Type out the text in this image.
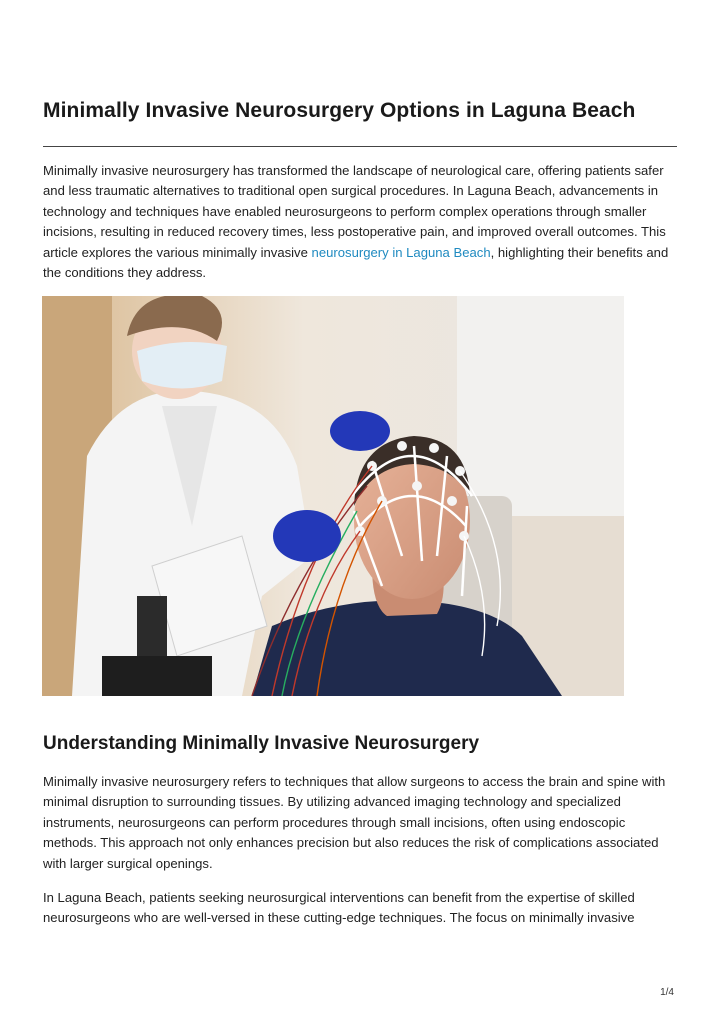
Minimally Invasive Neurosurgery Options in Laguna Beach

Minimally invasive neurosurgery has transformed the landscape of neurological care, offering patients safer and less traumatic alternatives to traditional open surgical procedures. In Laguna Beach, advancements in technology and techniques have enabled neurosurgeons to perform complex operations through smaller incisions, resulting in reduced recovery times, less postoperative pain, and improved overall outcomes. This article explores the various minimally invasive neurosurgery in Laguna Beach, highlighting their benefits and the conditions they address.

Understanding Minimally Invasive Neurosurgery

Minimally invasive neurosurgery refers to techniques that allow surgeons to access the brain and spine with minimal disruption to surrounding tissues. By utilizing advanced imaging technology and specialized instruments, neurosurgeons can perform procedures through small incisions, often using endoscopic methods. This approach not only enhances precision but also reduces the risk of complications associated with larger surgical openings.

In Laguna Beach, patients seeking neurosurgical interventions can benefit from the expertise of skilled neurosurgeons who are well-versed in these cutting-edge techniques. The focus on minimally invasive

1/4
